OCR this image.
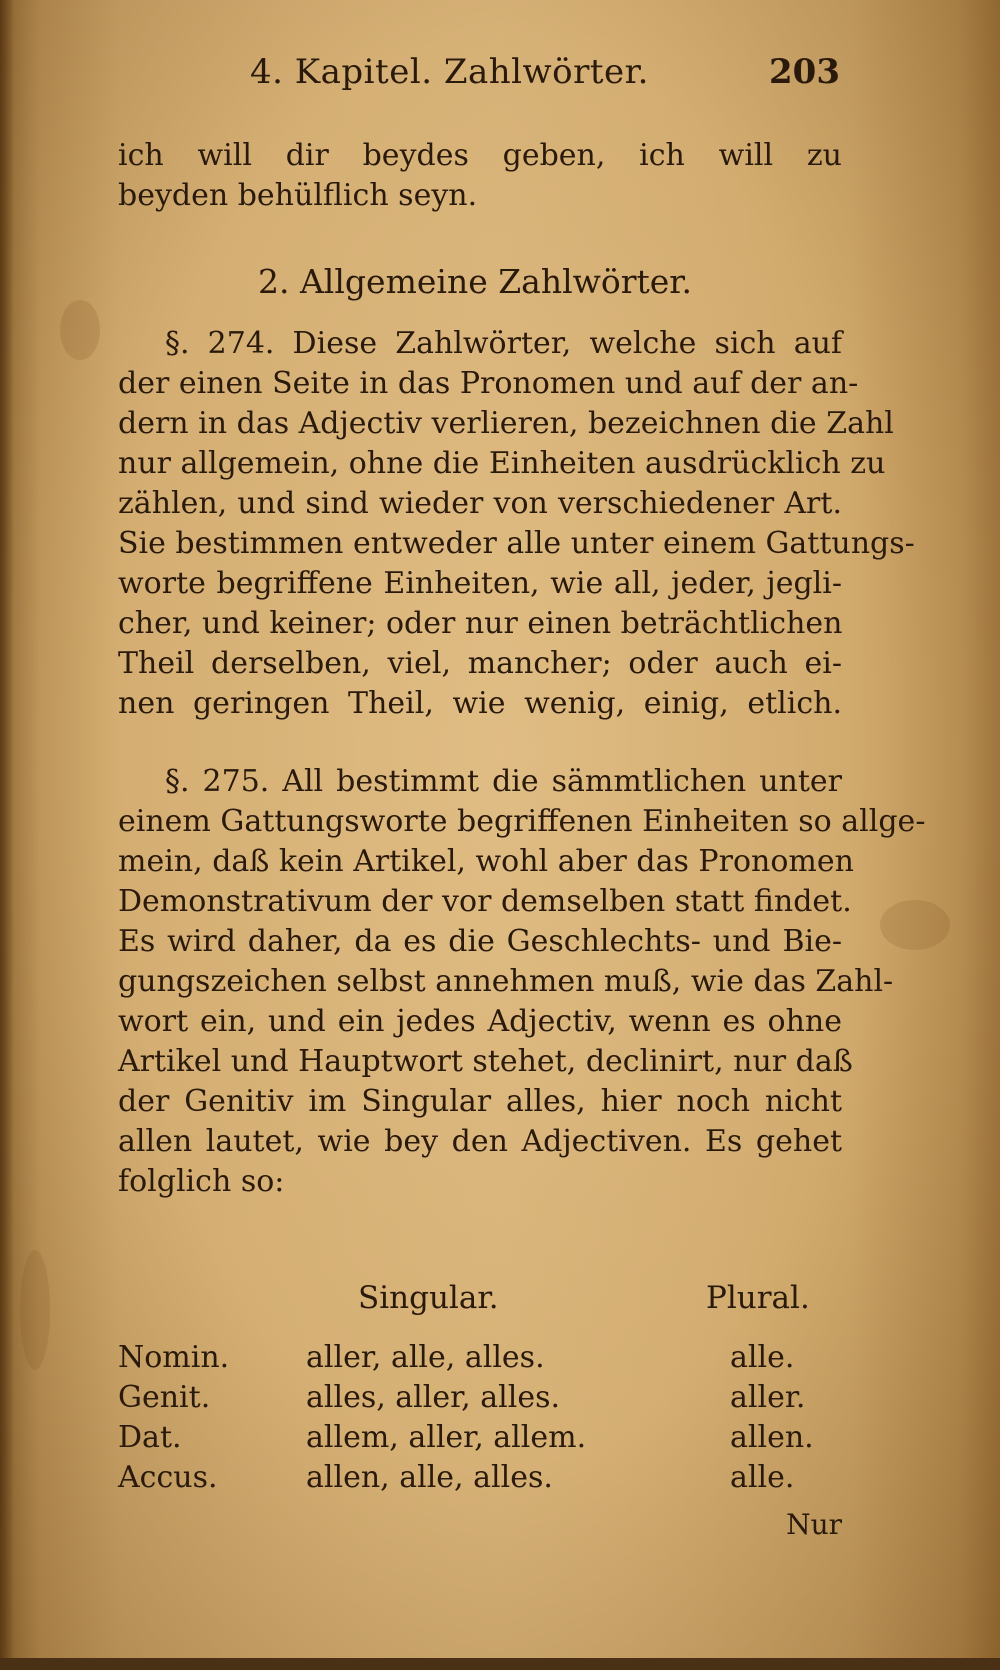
4. Kapitel. Zahlwörter.	203
ich will dir beydes geben, ich will zu
beyden behülflich seyn.
2. Allgemeine Zahlwörter.
§. 274. Diese Zahlwörter, welche sich auf
der einen Seite in das Pronomen und auf der an-
dern in das Adjectiv verlieren, bezeichnen die Zahl
nur allgemein, ohne die Einheiten ausdrücklich zu
zählen, und sind wieder von verschiedener Art.
Sie bestimmen entweder alle unter einem Gattungs-
worte begriffene Einheiten, wie all, jeder, jegli-
cher, und keiner; oder nur einen beträchtlichen
Theil derselben, viel, mancher; oder auch ei-
nen geringen Theil, wie wenig, einig, etlich.
§. 275. All bestimmt die sämmtlichen unter
einem Gattungsworte begriffenen Einheiten so allge-
mein, daß kein Artikel, wohl aber das Pronomen
Demonstrativum der vor demselben statt findet.
Es wird daher, da es die Geschlechts- und Bie-
gungszeichen selbst annehmen muß, wie das Zahl-
wort ein, und ein jedes Adjectiv, wenn es ohne
Artikel und Hauptwort stehet, declinirt, nur daß
der Genitiv im Singular alles, hier noch nicht
allen lautet, wie bey den Adjectiven. Es gehet
folglich so:
Singular.	Plural.
Nomin.	aller, alle, alles.	alle.
Genit.	alles, aller, alles.	aller.
Dat.	allem, aller, allem.	allen.
Accus.	allen, alle, alles.	alle.
Nur
